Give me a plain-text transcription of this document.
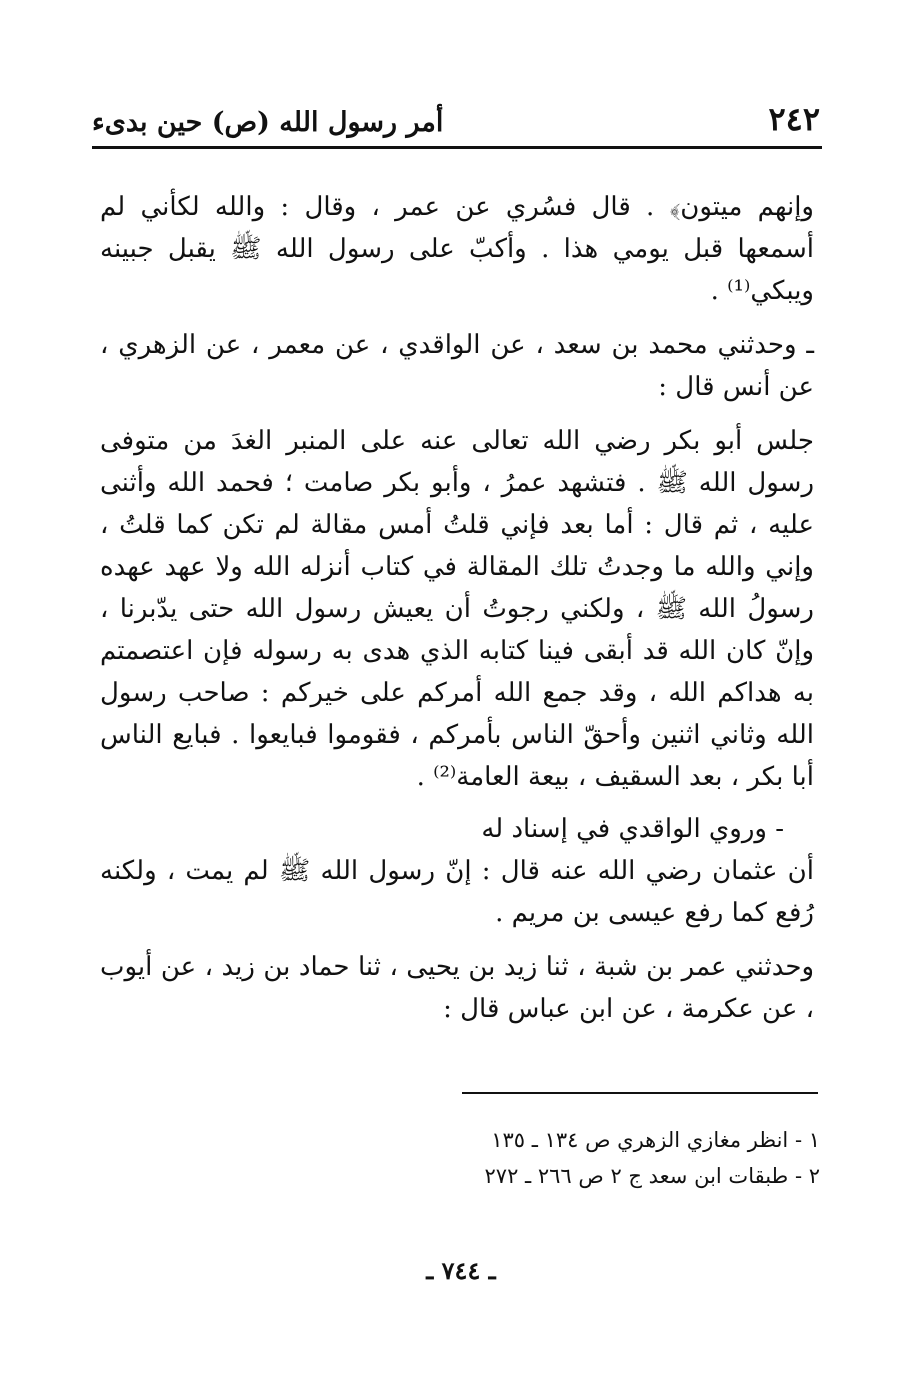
٢٤٢
أمر رسول الله (ص) حين بدىء

وإنهم ميتون﴾ . قال فسُري عن عمر ، وقال : والله لكأني لم أسمعها قبل يومي هذا . وأكبّ على رسول الله ﷺ يقبل جبينه ويبكي⁽¹⁾ .

ـ وحدثني محمد بن سعد ، عن الواقدي ، عن معمر ، عن الزهري ، عن أنس قال :

جلس أبو بكر رضي الله تعالى عنه على المنبر الغدَ من متوفى رسول الله ﷺ . فتشهد عمرُ ، وأبو بكر صامت ؛ فحمد الله وأثنى عليه ، ثم قال : أما بعد فإني قلتُ أمس مقالة لم تكن كما قلتُ ، وإني والله ما وجدتُ تلك المقالة في كتاب أنزله الله ولا عهد عهده رسولُ الله ﷺ ، ولكني رجوتُ أن يعيش رسول الله حتى يدّبرنا ، وإنّ كان الله قد أبقى فينا كتابه الذي هدى به رسوله فإن اعتصمتم به هداكم الله ، وقد جمع الله أمركم على خيركم : صاحب رسول الله وثاني اثنين وأحقّ الناس بأمركم ، فقوموا فبايعوا . فبايع الناس أبا بكر ، بعد السقيف ، بيعة العامة⁽²⁾ .

- وروي الواقدي في إسناد له

أن عثمان رضي الله عنه قال : إنّ رسول الله ﷺ لم يمت ، ولكنه رُفع كما رفع عيسى بن مريم .

وحدثني عمر بن شبة ، ثنا زيد بن يحيى ، ثنا حماد بن زيد ، عن أيوب ، عن عكرمة ، عن ابن عباس قال :

١ - انظر مغازي الزهري ص ١٣٤ ـ ١٣٥
٢ - طبقات ابن سعد ج ٢ ص ٢٦٦ ـ ٢٧٢
ـ ٧٤٤ ـ
